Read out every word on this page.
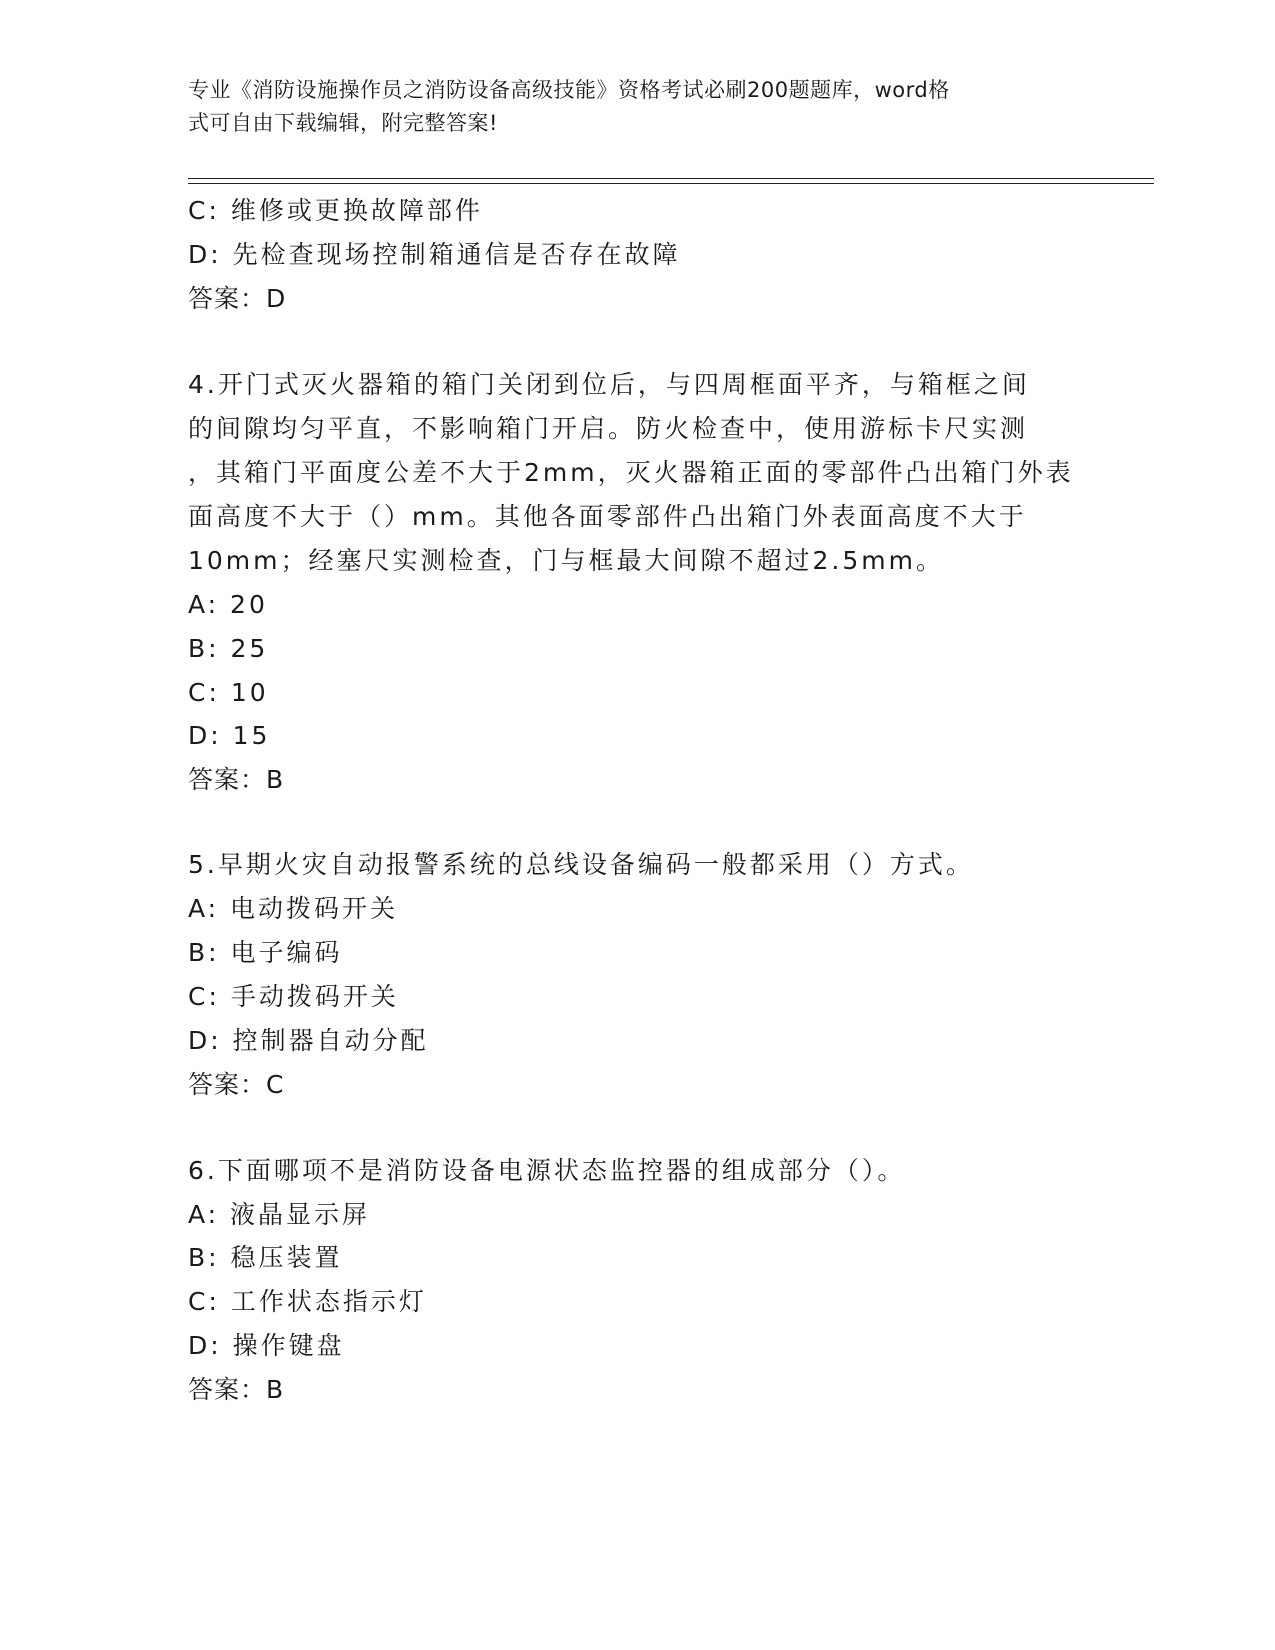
专业《消防设施操作员之消防设备高级技能》资格考试必刷200题题库，word格
式可自由下载编辑，附完整答案!
C: 维修或更换故障部件
D: 先检查现场控制箱通信是否存在故障
答案：D
4.开门式灭火器箱的箱门关闭到位后，与四周框面平齐，与箱框之间
的间隙均匀平直，不影响箱门开启。防火检查中，使用游标卡尺实测
，其箱门平面度公差不大于2mm，灭火器箱正面的零部件凸出箱门外表
面高度不大于（）mm。其他各面零部件凸出箱门外表面高度不大于
10mm；经塞尺实测检查，门与框最大间隙不超过2.5mm。
A: 20
B: 25
C: 10
D: 15
答案：B
5.早期火灾自动报警系统的总线设备编码一般都采用（）方式。
A: 电动拨码开关
B: 电子编码
C: 手动拨码开关
D: 控制器自动分配
答案：C
6.下面哪项不是消防设备电源状态监控器的组成部分（）。
A: 液晶显示屏
B: 稳压装置
C: 工作状态指示灯
D: 操作键盘
答案：B
